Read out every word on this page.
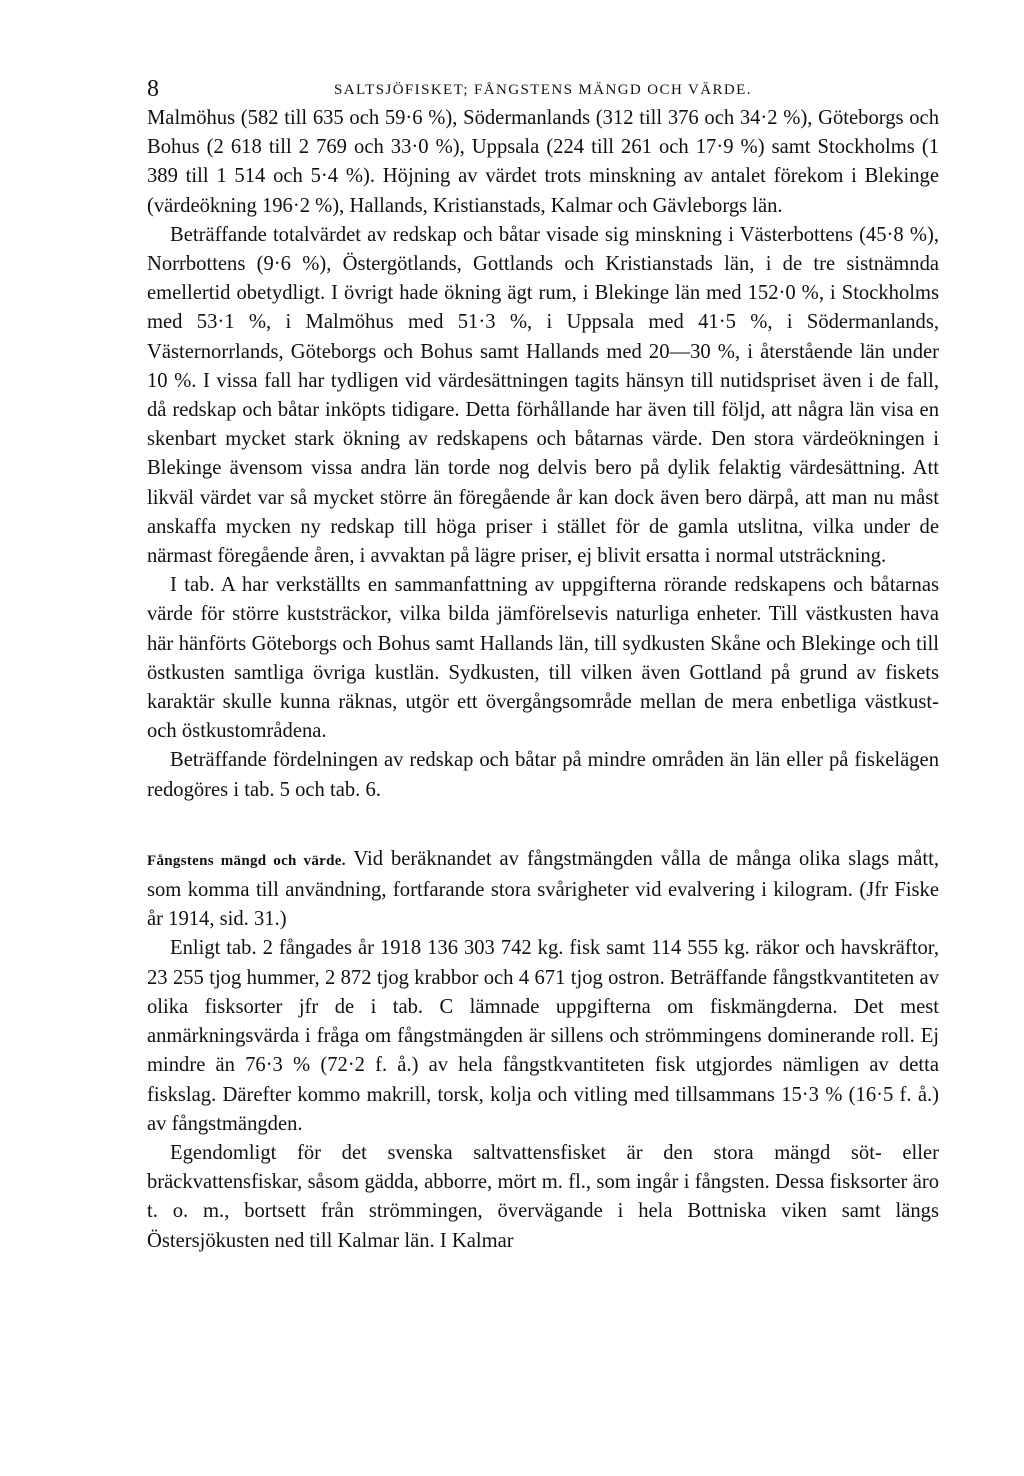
8	SALTSJÖFISKET; FÅNGSTENS MÄNGD OCH VÄRDE.

Malmöhus (582 till 635 och 59·6 %), Södermanlands (312 till 376 och 34·2 %), Göteborgs och Bohus (2 618 till 2 769 och 33·0 %), Uppsala (224 till 261 och 17·9 %) samt Stockholms (1 389 till 1 514 och 5·4 %). Höjning av värdet trots minskning av antalet förekom i Blekinge (värdeökning 196·2 %), Hallands, Kristianstads, Kalmar och Gävleborgs län.

Beträffande totalvärdet av redskap och båtar visade sig minskning i Västerbottens (45·8 %), Norrbottens (9·6 %), Östergötlands, Gottlands och Kristianstads län, i de tre sistnämnda emellertid obetydligt. I övrigt hade ökning ägt rum, i Blekinge län med 152·0 %, i Stockholms med 53·1 %, i Malmöhus med 51·3 %, i Uppsala med 41·5 %, i Södermanlands, Västernorrlands, Göteborgs och Bohus samt Hallands med 20—30 %, i återstående län under 10 %. I vissa fall har tydligen vid värdesättningen tagits hänsyn till nutidspriset även i de fall, då redskap och båtar inköpts tidigare. Detta förhållande har även till följd, att några län visa en skenbart mycket stark ökning av redskapens och båtarnas värde. Den stora värdeökningen i Blekinge ävensom vissa andra län torde nog delvis bero på dylik felaktig värdesättning. Att likväl värdet var så mycket större än föregående år kan dock även bero därpå, att man nu måst anskaffa mycken ny redskap till höga priser i stället för de gamla utslitna, vilka under de närmast föregående åren, i avvaktan på lägre priser, ej blivit ersatta i normal utsträckning.

I tab. A har verkställts en sammanfattning av uppgifterna rörande redskapens och båtarnas värde för större kuststräckor, vilka bilda jämförelsevis naturliga enheter. Till västkusten hava här hänförts Göteborgs och Bohus samt Hallands län, till sydkusten Skåne och Blekinge och till östkusten samtliga övriga kustlän. Sydkusten, till vilken även Gottland på grund av fiskets karaktär skulle kunna räknas, utgör ett övergångsområde mellan de mera enbetliga västkust- och östkustområdena.

Beträffande fördelningen av redskap och båtar på mindre områden än län eller på fiskelägen redogöres i tab. 5 och tab. 6.

Fångstens mängd och värde. Vid beräknandet av fångstmängden vålla de många olika slags mått, som komma till användning, fortfarande stora svårigheter vid evalvering i kilogram. (Jfr Fiske år 1914, sid. 31.)

Enligt tab. 2 fångades år 1918 136 303 742 kg. fisk samt 114 555 kg. räkor och havskräftor, 23 255 tjog hummer, 2 872 tjog krabbor och 4 671 tjog ostron. Beträffande fångstkvantiteten av olika fisksorter jfr de i tab. C lämnade uppgifterna om fiskmängderna. Det mest anmärkningsvärda i fråga om fångstmängden är sillens och strömmingens dominerande roll. Ej mindre än 76·3 % (72·2 f. å.) av hela fångstkvantiteten fisk utgjordes nämligen av detta fiskslag. Därefter kommo makrill, torsk, kolja och vitling med tillsammans 15·3 % (16·5 f. å.) av fångstmängden.

Egendomligt för det svenska saltvattensfisket är den stora mängd söt- eller bräckvattensfiskar, såsom gädda, abborre, mört m. fl., som ingår i fångsten. Dessa fisksorter äro t. o. m., bortsett från strömmingen, övervägande i hela Bottniska viken samt längs Östersjökusten ned till Kalmar län. I Kalmar
